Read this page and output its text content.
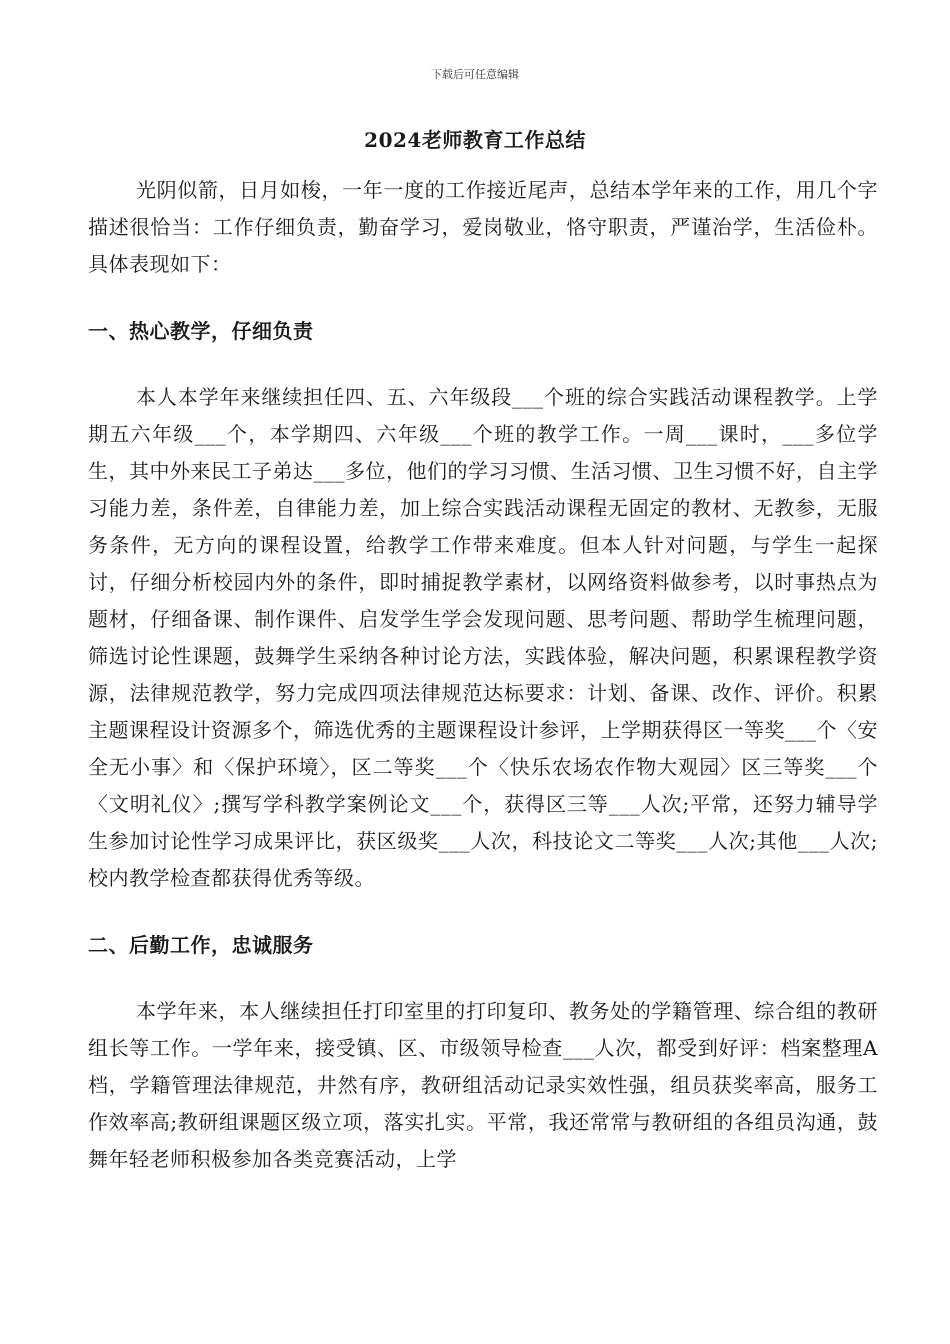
下载后可任意编辑
2024老师教育工作总结

光阴似箭，日月如梭，一年一度的工作接近尾声，总结本学年来的工作，用几个字描述很恰当：工作仔细负责，勤奋学习，爱岗敬业，恪守职责，严谨治学，生活俭朴。具体表现如下：

一、热心教学，仔细负责

本人本学年来继续担任四、五、六年级段___个班的综合实践活动课程教学。上学期五六年级___个，本学期四、六年级___个班的教学工作。一周___课时，___多位学生，其中外来民工子弟达___多位，他们的学习习惯、生活习惯、卫生习惯不好，自主学习能力差，条件差，自律能力差，加上综合实践活动课程无固定的教材、无教参，无服务条件，无方向的课程设置，给教学工作带来难度。但本人针对问题，与学生一起探讨，仔细分析校园内外的条件，即时捕捉教学素材，以网络资料做参考，以时事热点为题材，仔细备课、制作课件、启发学生学会发现问题、思考问题、帮助学生梳理问题，筛选讨论性课题，鼓舞学生采纳各种讨论方法，实践体验，解决问题，积累课程教学资源，法律规范教学，努力完成四项法律规范达标要求：计划、备课、改作、评价。积累主题课程设计资源多个，筛选优秀的主题课程设计参评，上学期获得区一等奖___个〈安全无小事〉和〈保护环境〉，区二等奖___个〈快乐农场农作物大观园〉区三等奖___个〈文明礼仪〉;撰写学科教学案例论文___个，获得区三等___人次;平常，还努力辅导学生参加讨论性学习成果评比，获区级奖___人次，科技论文二等奖___人次;其他___人次;校内教学检查都获得优秀等级。

二、后勤工作，忠诚服务

本学年来，本人继续担任打印室里的打印复印、教务处的学籍管理、综合组的教研组长等工作。一学年来，接受镇、区、市级领导检查___人次，都受到好评：档案整理A档，学籍管理法律规范，井然有序，教研组活动记录实效性强，组员获奖率高，服务工作效率高;教研组课题区级立项，落实扎实。平常，我还常常与教研组的各组员沟通，鼓舞年轻老师积极参加各类竞赛活动，上学
